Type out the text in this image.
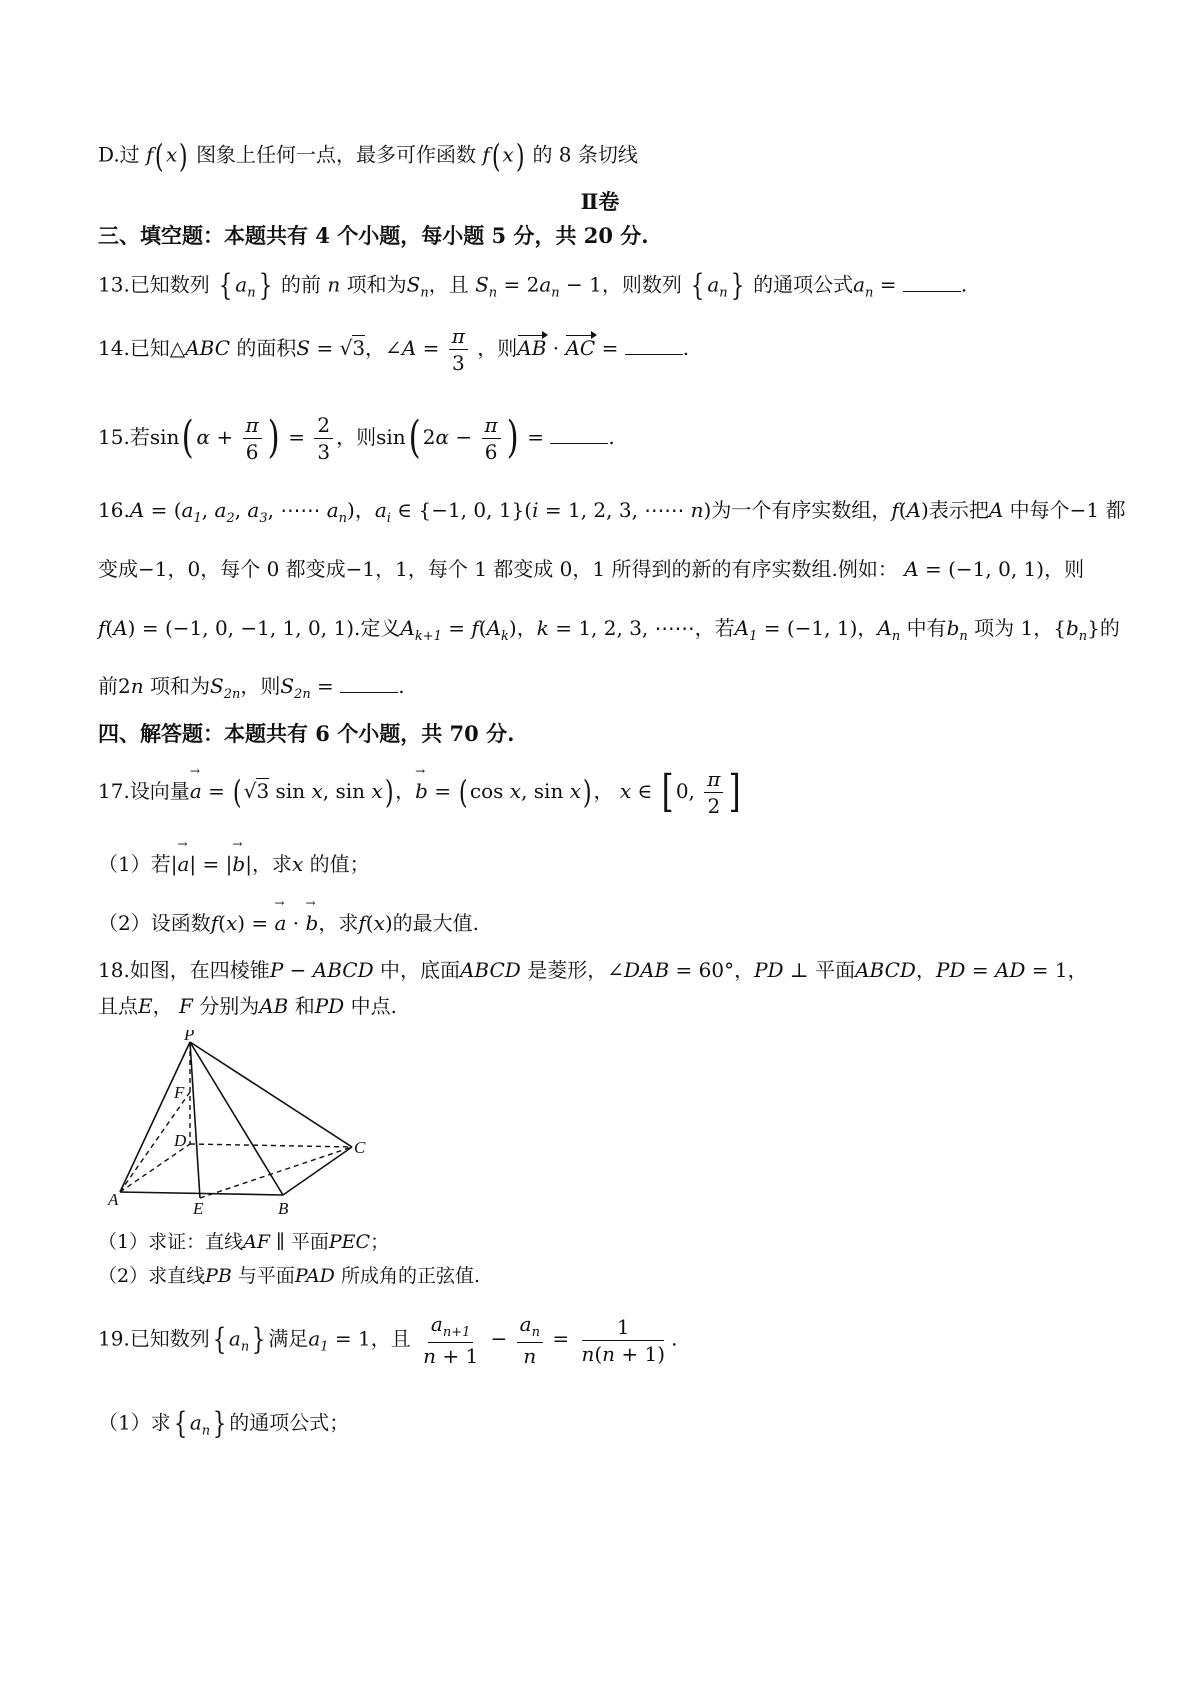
D.过 f(x) 图象上任何一点，最多可作函数 f(x) 的 8 条切线
Ⅱ卷
三、填空题：本题共有 4 个小题，每小题 5 分，共 20 分.
13.已知数列 { $a_n$} 的前 n 项和为$S_n$，且 $S_n = 2a_n - 1$，则数列 { $a_n$} 的通项公式$a_n$ =	.
14.已知△ABC 的面积S = √3，∠A = $\frac{\pi}{3}$ ，则AB · AC =	.
15.若sin( $\alpha + \frac{\pi}{6}$ ) = $\frac{2}{3}$ ，则sin( $2\alpha - \frac{\pi}{6}$ ) =	.
$16.A = (a_1$, $a_2$, $a_3$, ⋯⋯ $a_n$)，$a_i$ ∈ {−1, 0, 1}(i = 1, 2, 3, ⋯⋯ n)为一个有序实数组，f(A)表示把A 中每个−1 都
变成−1，0，每个 0 都变成−1，1，每个 1 都变成 0，1 所得到的新的有序实数组.例如： A = (−1, 0, 1)，则
f(A) = (−1, 0, −1, 1, 0, 1).定义$A_{k+1} = f(A_k)$，k = 1, 2, 3, ⋯⋯，若$A_1 = (-1$, 1)，$A_n$ 中有$b_n$ 项为 1，$\{b_n\}$的
前2n 项和为$S_{2n}$，则$S_{2n}$ =	.
四、解答题：本题共有 6 个小题，共 70 分.
17.设向量→ a = (√3 sin x, sin x)，→ b = (cos x, sin x)， x ∈ [ 0, $\frac{\pi}{2}$ ]
（1）若|→ a| = |→ b|，求x 的值；
（2）设函数f(x) = → a · → b，求f(x)的最大值.
18.如图，在四棱锥P − ABCD 中，底面ABCD 是菱形，∠DAB = 60°，PD ⊥ 平面ABCD，PD = AD = 1，
且点E， F 分别为AB 和PD 中点.
P
F
D	C
A	E	B
（1）求证：直线AF ∥ 平面PEC；
（2）求直线PB 与平面PAD 所成角的正弦值.
19.已知数列{ $a_n$} 满足$a_1 = 1$，且 $\frac{a_{n+1}}{n + 1} - \frac{a_n}{n} = \frac{1}{n(n + 1)}$ .
（1）求{ $a_n$} 的通项公式；
